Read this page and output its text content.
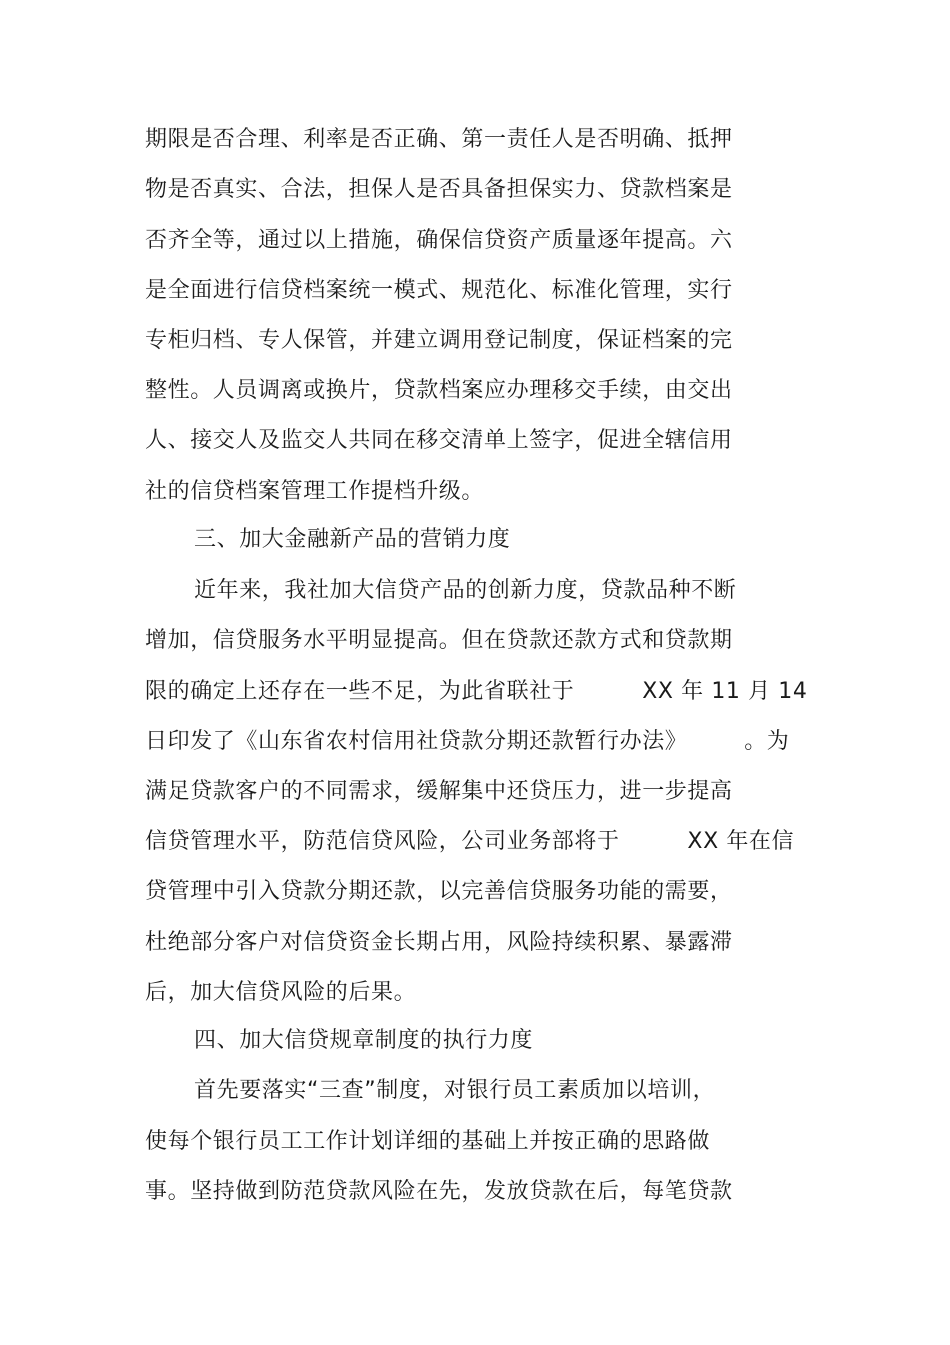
期限是否合理、利率是否正确、第一责任人是否明确、抵押

物是否真实、合法，担保人是否具备担保实力、贷款档案是

否齐全等，通过以上措施，确保信贷资产质量逐年提高。六

是全面进行信贷档案统一模式、规范化、标准化管理，实行

专柜归档、专人保管，并建立调用登记制度，保证档案的完

整性。人员调离或换片，贷款档案应办理移交手续，由交出

人、接交人及监交人共同在移交清单上签字，促进全辖信用

社的信贷档案管理工作提档升级。

三、加大金融新产品的营销力度

近年来，我社加大信贷产品的创新力度，贷款品种不断

增加，信贷服务水平明显提高。但在贷款还款方式和贷款期

限的确定上还存在一些不足，为此省联社于　　　XX 年 11 月 14

日印发了《山东省农村信用社贷款分期还款暂行办法》　　　。为

满足贷款客户的不同需求，缓解集中还贷压力，进一步提高

信贷管理水平，防范信贷风险，公司业务部将于　　　XX 年在信

贷管理中引入贷款分期还款，以完善信贷服务功能的需要，

杜绝部分客户对信贷资金长期占用，风险持续积累、暴露滞

后，加大信贷风险的后果。

四、加大信贷规章制度的执行力度

首先要落实“三查”制度，对银行员工素质加以培训，

使每个银行员工工作计划详细的基础上并按正确的思路做

事。坚持做到防范贷款风险在先，发放贷款在后，每笔贷款
